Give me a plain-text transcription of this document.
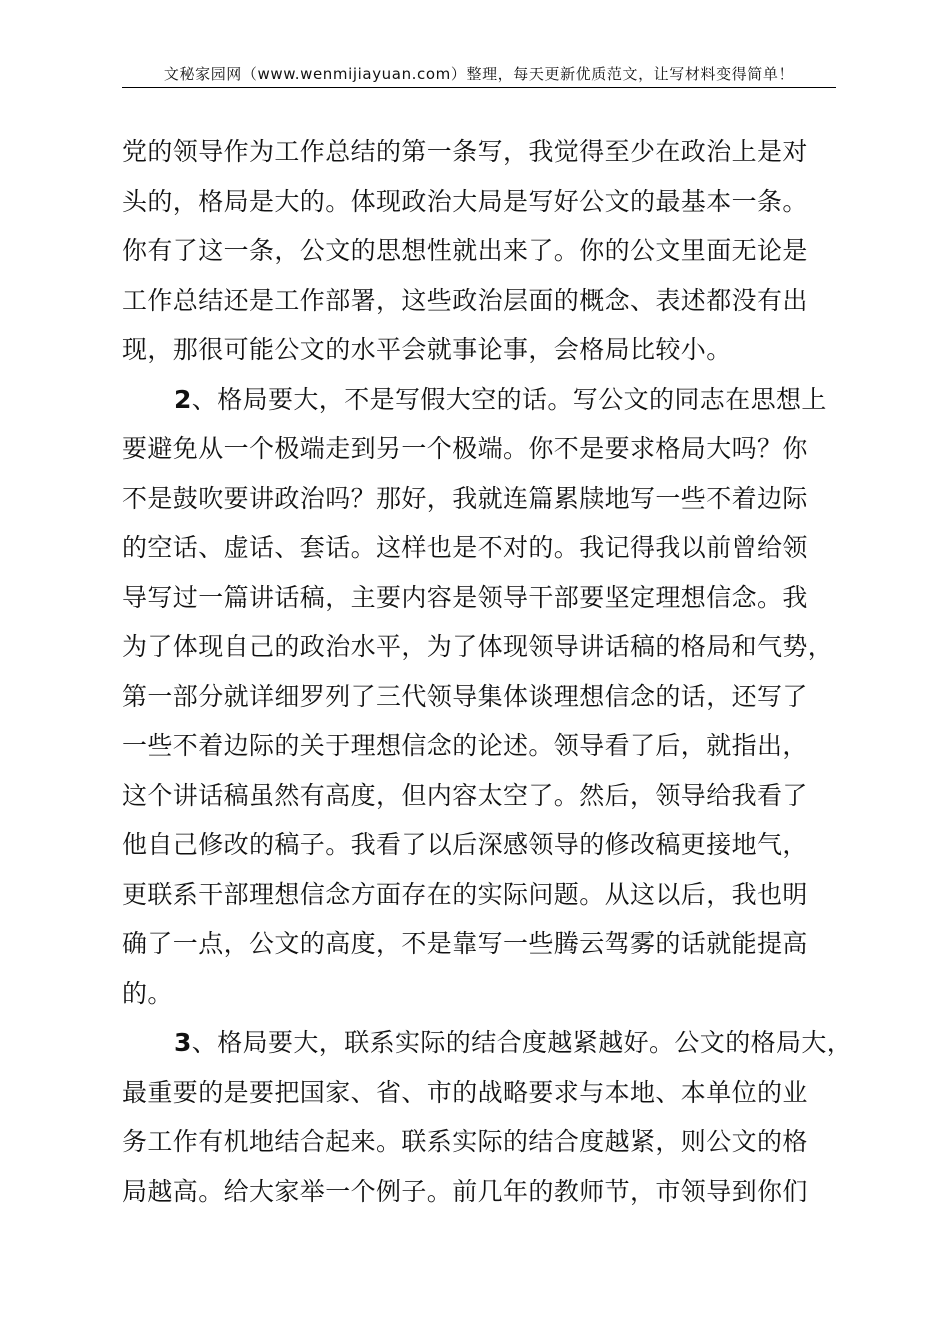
文秘家园网（www.wenmijiayuan.com）整理，每天更新优质范文，让写材料变得简单！
党的领导作为工作总结的第一条写，我觉得至少在政治上是对
头的，格局是大的。体现政治大局是写好公文的最基本一条。
你有了这一条，公文的思想性就出来了。你的公文里面无论是
工作总结还是工作部署，这些政治层面的概念、表述都没有出
现，那很可能公文的水平会就事论事，会格局比较小。
2、格局要大，不是写假大空的话。写公文的同志在思想上
要避免从一个极端走到另一个极端。你不是要求格局大吗？你
不是鼓吹要讲政治吗？那好，我就连篇累牍地写一些不着边际
的空话、虚话、套话。这样也是不对的。我记得我以前曾给领
导写过一篇讲话稿，主要内容是领导干部要坚定理想信念。我
为了体现自己的政治水平，为了体现领导讲话稿的格局和气势，
第一部分就详细罗列了三代领导集体谈理想信念的话，还写了
一些不着边际的关于理想信念的论述。领导看了后，就指出，
这个讲话稿虽然有高度，但内容太空了。然后，领导给我看了
他自己修改的稿子。我看了以后深感领导的修改稿更接地气，
更联系干部理想信念方面存在的实际问题。从这以后，我也明
确了一点，公文的高度，不是靠写一些腾云驾雾的话就能提高
的。
3、格局要大，联系实际的结合度越紧越好。公文的格局大，
最重要的是要把国家、省、市的战略要求与本地、本单位的业
务工作有机地结合起来。联系实际的结合度越紧，则公文的格
局越高。给大家举一个例子。前几年的教师节，市领导到你们
